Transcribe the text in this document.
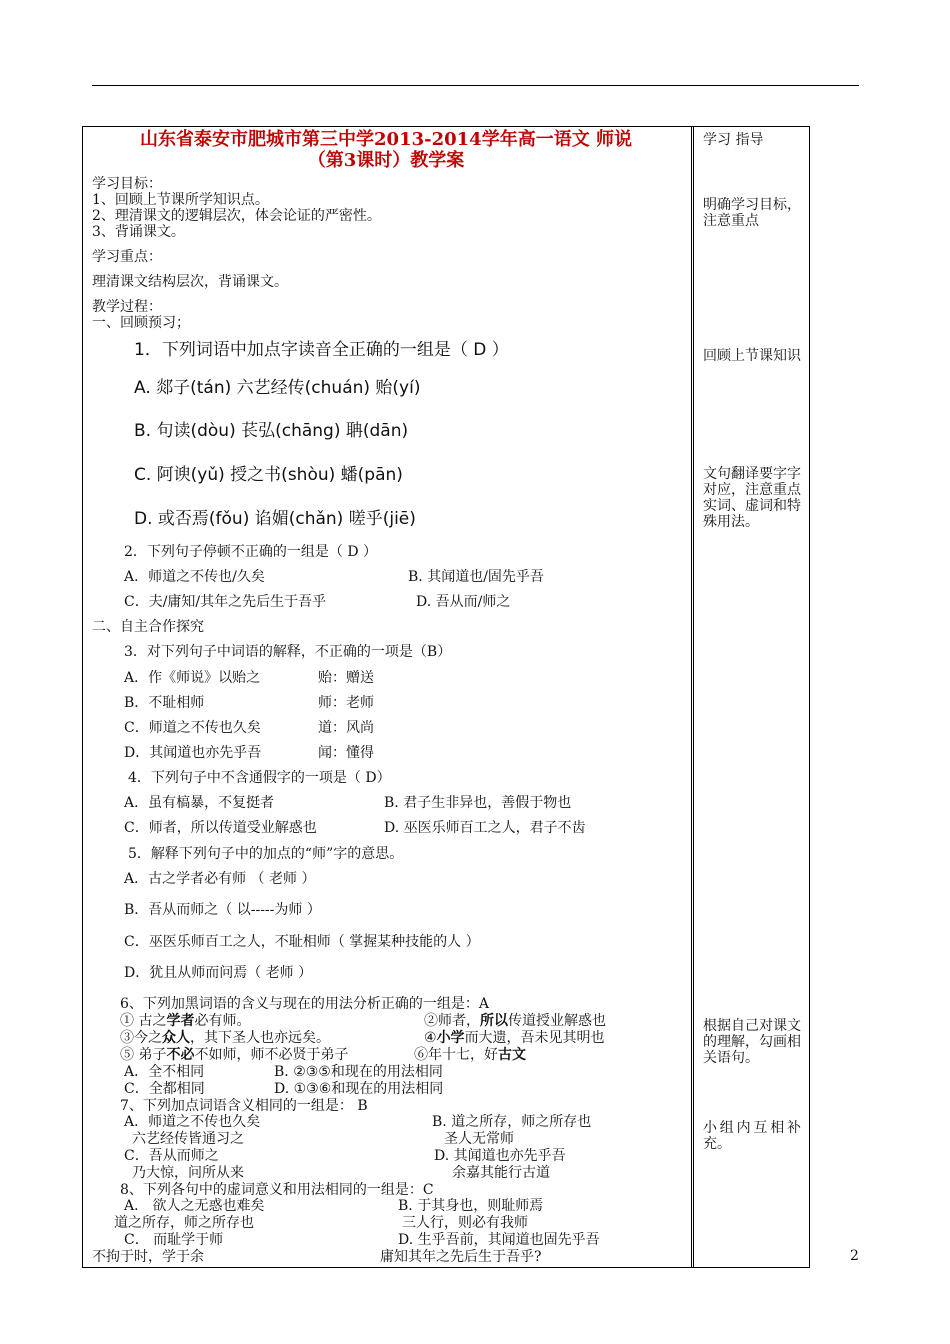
山东省泰安市肥城市第三中学2013-2014学年高一语文 师说
（第3课时）教学案
学习 指导
明确学习目标，注意重点
回顾上节课知识
文句翻译要字字对应，注意重点实词、虚词和特殊用法。
根据自己对课文的理解，勾画相关语句。
小组内互相补充。
学习目标：
1、回顾上节课所学知识点。
2、理清课文的逻辑层次，体会论证的严密性。
3、背诵课文。
学习重点：
理清课文结构层次，背诵课文。
教学过程：
一、回顾预习；
1．下列词语中加点字读音全正确的一组是（ D ）
A. 郯子(tán) 六艺经传(chuán) 贻(yí)
B. 句读(dòu) 苌弘(chāng) 聃(dān)
C. 阿谀(yǔ) 授之书(shòu) 蟠(pān)
D. 或否焉(fǒu) 谄媚(chǎn) 嗟乎(jiē)
2．下列句子停顿不正确的一组是（ D ）
A．师道之不传也/久矣	B. 其闻道也/固先乎吾
C．夫/庸知/其年之先后生于吾乎	D. 吾从而/师之
二、自主合作探究
3．对下列句子中词语的解释，不正确的一项是（B）
A．作《师说》以贻之	贻：赠送
B．不耻相师	师：老师
C．师道之不传也久矣	道：风尚
D．其闻道也亦先乎吾	闻：懂得
4．下列句子中不含通假字的一项是（ D）
A．虽有槁暴，不复挺者	B. 君子生非异也，善假于物也
C．师者，所以传道受业解惑也	D. 巫医乐师百工之人，君子不齿
5．解释下列句子中的加点的“师”字的意思。
A．古之学者必有师 （ 老师 ）
B．吾从而师之（ 以-----为师 ）
C．巫医乐师百工之人，不耻相师（ 掌握某种技能的人 ）
D．犹且从师而问焉（ 老师 ）
6、下列加黑词语的含义与现在的用法分析正确的一组是：A
① 古之学者必有师。	②师者，所以传道授业解惑也
③今之众人，其下圣人也亦远矣。	④小学而大遗，吾未见其明也
⑤ 弟子不必不如师，师不必贤于弟子	⑥年十七，好古文
A．全不相同	B. ②③⑤和现在的用法相同
C．全都相同	D. ①③⑥和现在的用法相同
7、下列加点词语含义相同的一组是： B
A．师道之不传也久矣	B. 道之所存，师之所存也
六艺经传皆通习之	圣人无常师
C．吾从而师之	D. 其闻道也亦先乎吾
乃大惊，问所从来	余嘉其能行古道
8、下列各句中的虚词意义和用法相同的一组是：C
A． 欲人之无惑也难矣	B. 于其身也，则耻师焉
道之所存，师之所存也	三人行，则必有我师
C． 而耻学于师	D. 生乎吾前，其闻道也固先乎吾
不拘于时，学于余	庸知其年之先后生于吾乎?	2
